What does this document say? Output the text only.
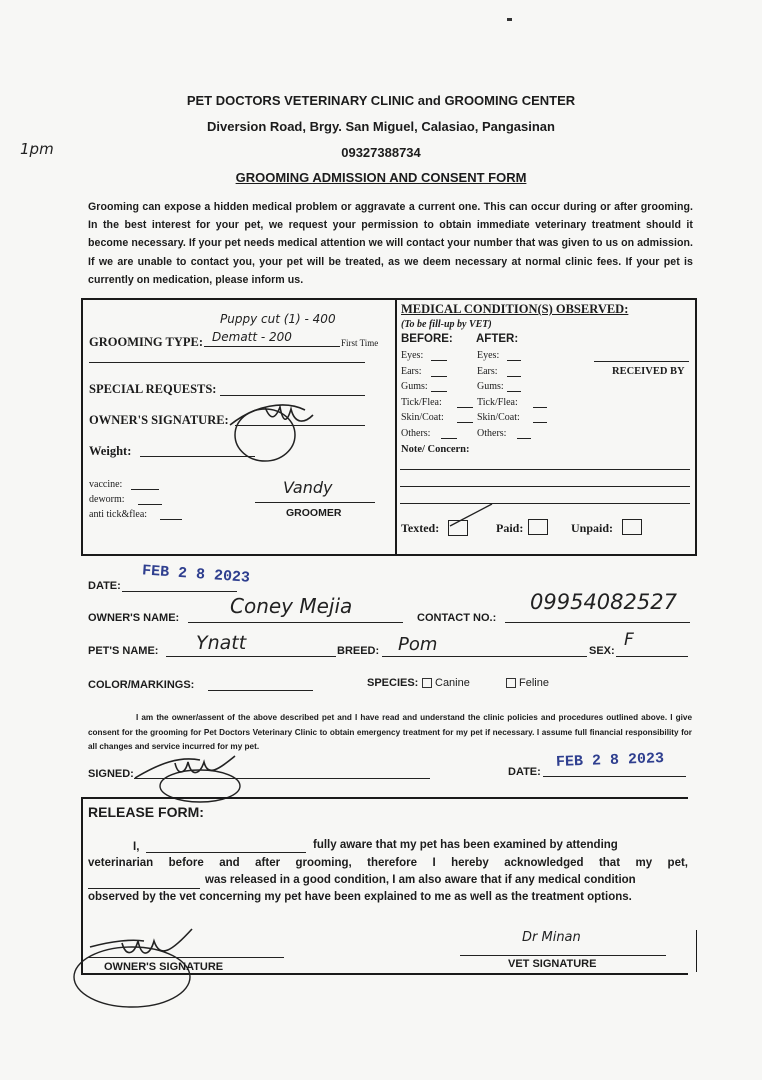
1pm
PET DOCTORS VETERINARY CLINIC and GROOMING CENTER
Diversion Road, Brgy. San Miguel, Calasiao, Pangasinan
09327388734
GROOMING ADMISSION AND CONSENT FORM
Grooming can expose a hidden medical problem or aggravate a current one. This can occur during or after grooming. In the best interest for your pet, we request your permission to obtain immediate veterinary treatment should it become necessary. If your pet needs medical attention we will contact your number that was given to us on admission. If we are unable to contact you, your pet will be treated, as we deem necessary at normal clinic fees. If your pet is currently on medication, please inform us.
Puppy cut (1) - 400
GROOMING TYPE: Dematt - 200	First Time
SPECIAL REQUESTS:
OWNER'S SIGNATURE:
Weight:
vaccine:
deworm:
anti tick&flea:
Vandy
GROOMER
MEDICAL CONDITION(S) OBSERVED:
(To be fill-up by VET)
BEFORE: AFTER:
Eyes:	Eyes:
Ears:	Ears:
Gums:	Gums:
Tick/Flea:	Tick/Flea:
Skin/Coat:	Skin/Coat:
Others:	Others:
RECEIVED BY
Note/ Concern:
Texted:	Paid:	Unpaid:
DATE: FEB 2 8 2023
OWNER'S NAME:	Coney Mejia	CONTACT NO.:
09954082527
PET'S NAME: Ynatt	BREED: Pom	SEX:
F
COLOR/MARKINGS:	SPECIES:	Canine	Feline
I am the owner/assent of the above described pet and I have read and understand the clinic policies and procedures outlined above. I give consent for the grooming for Pet Doctors Veterinary Clinic to obtain emergency treatment for my pet if necessary. I assume full financial responsibility for all changes and service incurred for my pet.
SIGNED:	DATE:
FEB 2 8 2023
RELEASE FORM:
I,	fully aware that my pet has been examined by attending
veterinarian before and after grooming, therefore I hereby acknowledged that my pet,
was released in a good condition, I am also aware that if any medical condition
observed by the vet concerning my pet have been explained to me as well as the treatment options.
OWNER'S SIGNATURE
Dr Minan
VET SIGNATURE
